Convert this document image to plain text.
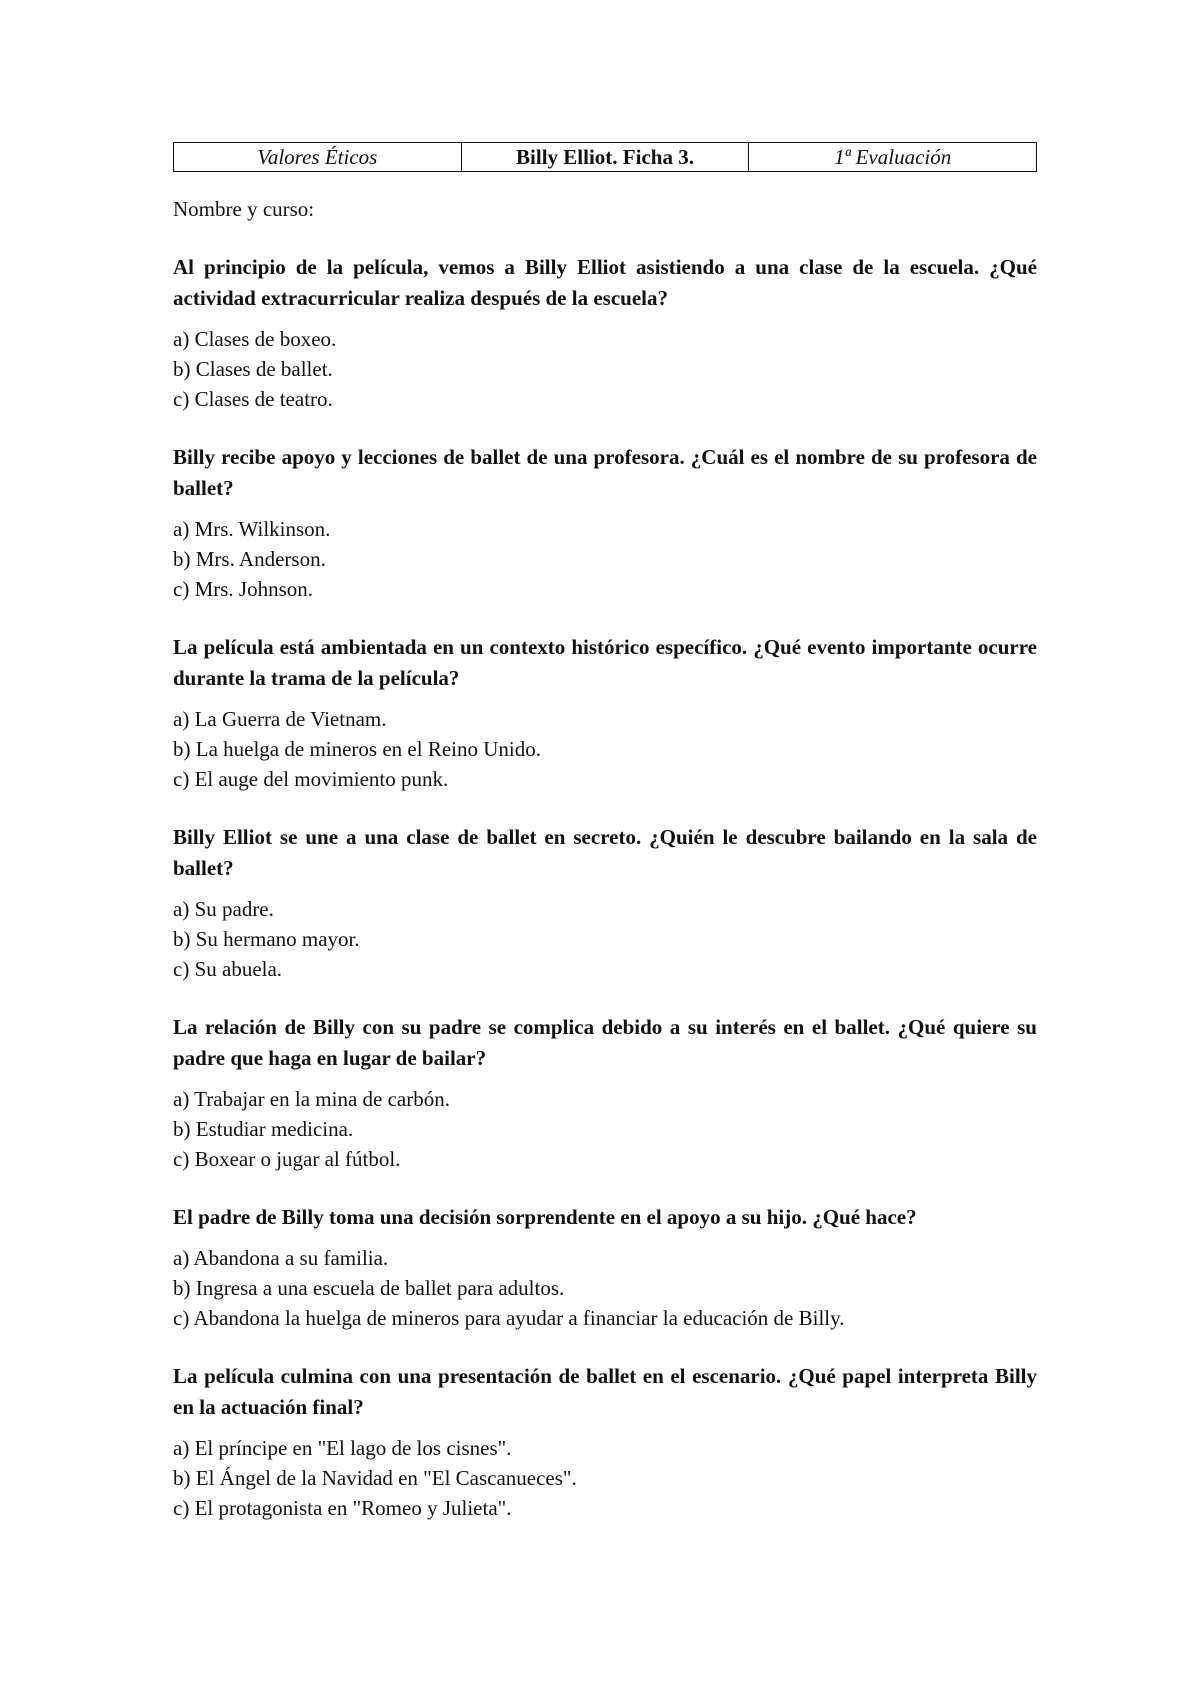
Valores Éticos	Billy Elliot. Ficha 3.	1ª Evaluación
Nombre y curso:

Al principio de la película, vemos a Billy Elliot asistiendo a una clase de la escuela. ¿Qué actividad extracurricular realiza después de la escuela?

a) Clases de boxeo.
b) Clases de ballet.
c) Clases de teatro.

Billy recibe apoyo y lecciones de ballet de una profesora. ¿Cuál es el nombre de su profesora de ballet?

a) Mrs. Wilkinson.
b) Mrs. Anderson.
c) Mrs. Johnson.

La película está ambientada en un contexto histórico específico. ¿Qué evento importante ocurre durante la trama de la película?

a) La Guerra de Vietnam.
b) La huelga de mineros en el Reino Unido.
c) El auge del movimiento punk.

Billy Elliot se une a una clase de ballet en secreto. ¿Quién le descubre bailando en la sala de ballet?

a) Su padre.
b) Su hermano mayor.
c) Su abuela.

La relación de Billy con su padre se complica debido a su interés en el ballet. ¿Qué quiere su padre que haga en lugar de bailar?

a) Trabajar en la mina de carbón.
b) Estudiar medicina.
c) Boxear o jugar al fútbol.

El padre de Billy toma una decisión sorprendente en el apoyo a su hijo. ¿Qué hace?

a) Abandona a su familia.
b) Ingresa a una escuela de ballet para adultos.
c) Abandona la huelga de mineros para ayudar a financiar la educación de Billy.

La película culmina con una presentación de ballet en el escenario. ¿Qué papel interpreta Billy en la actuación final?

a) El príncipe en "El lago de los cisnes".
b) El Ángel de la Navidad en "El Cascanueces".
c) El protagonista en "Romeo y Julieta".
